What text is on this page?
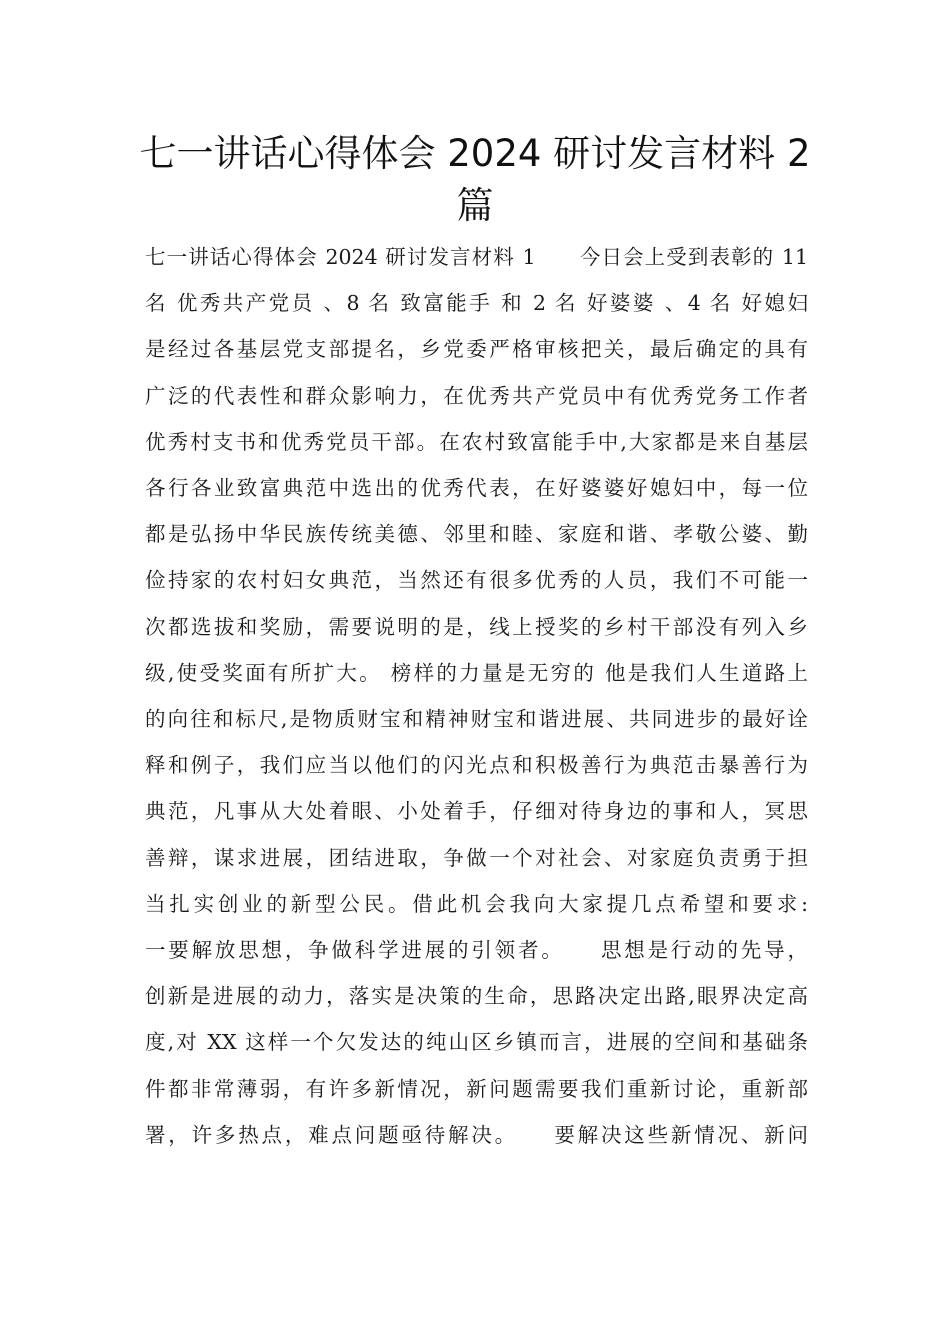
七一讲话心得体会 2024 研讨发言材料 2
篇
七一讲话心得体会 2024 研讨发言材料 1　　今日会上受到表彰的 11
名 优秀共产党员 、8 名 致富能手 和 2 名 好婆婆 、4 名 好媳妇
是经过各基层党支部提名，乡党委严格审核把关，最后确定的具有
广泛的代表性和群众影响力，在优秀共产党员中有优秀党务工作者
优秀村支书和优秀党员干部。在农村致富能手中,大家都是来自基层
各行各业致富典范中选出的优秀代表，在好婆婆好媳妇中，每一位
都是弘扬中华民族传统美德、邻里和睦、家庭和谐、孝敬公婆、勤
俭持家的农村妇女典范，当然还有很多优秀的人员，我们不可能一
次都选拔和奖励，需要说明的是，线上授奖的乡村干部没有列入乡
级,使受奖面有所扩大。 榜样的力量是无穷的 他是我们人生道路上
的向往和标尺,是物质财宝和精神财宝和谐进展、共同进步的最好诠
释和例子，我们应当以他们的闪光点和积极善行为典范击暴善行为
典范，凡事从大处着眼、小处着手，仔细对待身边的事和人，冥思
善辩，谋求进展，团结进取，争做一个对社会、对家庭负责勇于担
当扎实创业的新型公民。借此机会我向大家提几点希望和要求:
一要解放思想，争做科学进展的引领者。　　思想是行动的先导，
创新是进展的动力，落实是决策的生命，思路决定出路,眼界决定高
度,对 XX 这样一个欠发达的纯山区乡镇而言，进展的空间和基础条
件都非常薄弱，有许多新情况，新问题需要我们重新讨论，重新部
署，许多热点，难点问题亟待解决。　　要解决这些新情况、新问
